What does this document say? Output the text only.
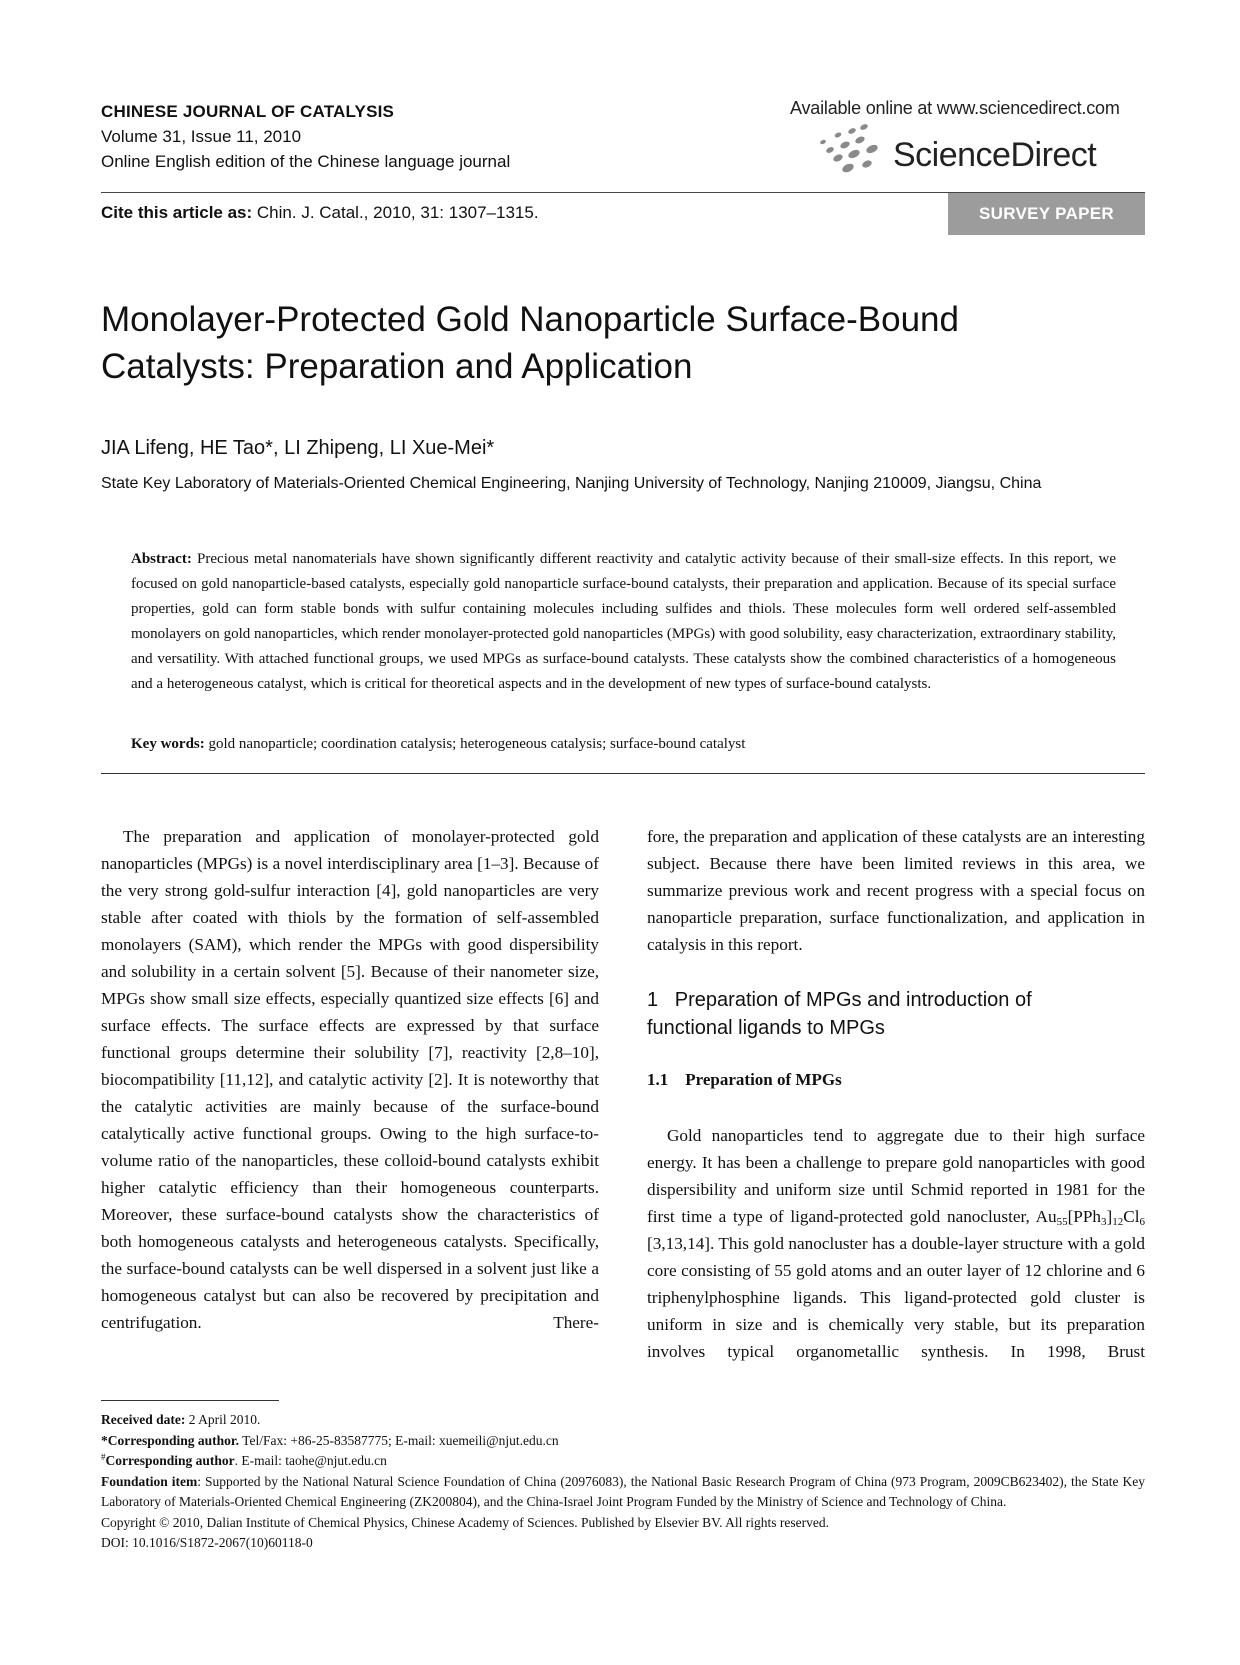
CHINESE JOURNAL OF CATALYSIS
Volume 31, Issue 11, 2010
Online English edition of the Chinese language journal
Available online at www.sciencedirect.com
ScienceDirect
Cite this article as: Chin. J. Catal., 2010, 31: 1307–1315.	SURVEY PAPER
Monolayer-Protected Gold Nanoparticle Surface-Bound
Catalysts: Preparation and Application
JIA Lifeng, HE Tao*, LI Zhipeng, LI Xue-Mei*
State Key Laboratory of Materials-Oriented Chemical Engineering, Nanjing University of Technology, Nanjing 210009, Jiangsu, China
Abstract: Precious metal nanomaterials have shown significantly different reactivity and catalytic activity because of their small-size effects. In this report, we focused on gold nanoparticle-based catalysts, especially gold nanoparticle surface-bound catalysts, their preparation and application. Because of its special surface properties, gold can form stable bonds with sulfur containing molecules including sulfides and thiols. These molecules form well ordered self-assembled monolayers on gold nanoparticles, which render monolayer-protected gold nanoparticles (MPGs) with good solubility, easy characterization, extraordinary stability, and versatility. With attached functional groups, we used MPGs as surface-bound catalysts. These catalysts show the combined characteristics of a homogeneous and a heterogeneous catalyst, which is critical for theoretical aspects and in the development of new types of surface-bound catalysts.
Key words: gold nanoparticle; coordination catalysis; heterogeneous catalysis; surface-bound catalyst

The preparation and application of monolayer-protected gold nanoparticles (MPGs) is a novel interdisciplinary area [1–3]. Because of the very strong gold-sulfur interaction [4], gold nanoparticles are very stable after coated with thiols by the formation of self-assembled monolayers (SAM), which render the MPGs with good dispersibility and solubility in a certain solvent [5]. Because of their nanometer size, MPGs show small size effects, especially quantized size effects [6] and surface effects. The surface effects are expressed by that surface functional groups determine their solubility [7], reactivity [2,8–10], biocompatibility [11,12], and catalytic activity [2]. It is noteworthy that the catalytic activities are mainly because of the surface-bound catalytically active functional groups. Owing to the high surface-to-volume ratio of the nanoparticles, these colloid-bound catalysts exhibit higher catalytic efficiency than their homogeneous counterparts. Moreover, these surface-bound catalysts show the characteristics of both homogeneous catalysts and heterogeneous catalysts. Specifically, the surface-bound catalysts can be well dispersed in a solvent just like a homogeneous catalyst but can also be recovered by precipitation and centrifugation. There-

fore, the preparation and application of these catalysts are an interesting subject. Because there have been limited reviews in this area, we summarize previous work and recent progress with a special focus on nanoparticle preparation, surface functionalization, and application in catalysis in this report.

1   Preparation of MPGs and introduction of
functional ligands to MPGs
1.1    Preparation of MPGs

Gold nanoparticles tend to aggregate due to their high surface energy. It has been a challenge to prepare gold nanoparticles with good dispersibility and uniform size until Schmid reported in 1981 for the first time a type of ligand-protected gold nanocluster, $Au_{55}[PPh_3]_{12}Cl_6$ [3,13,14]. This gold nanocluster has a double-layer structure with a gold core consisting of 55 gold atoms and an outer layer of 12 chlorine and 6 triphenylphosphine ligands. This ligand-protected gold cluster is uniform in size and is chemically very stable, but its preparation involves typical organometallic synthesis. In 1998, Brust

Received date: 2 April 2010.
*Corresponding author. Tel/Fax: +86-25-83587775; E-mail: xuemeili@njut.edu.cn
#Corresponding author. E-mail: taohe@njut.edu.cn
Foundation item: Supported by the National Natural Science Foundation of China (20976083), the National Basic Research Program of China (973 Program, 2009CB623402), the State Key Laboratory of Materials-Oriented Chemical Engineering (ZK200804), and the China-Israel Joint Program Funded by the Ministry of Science and Technology of China.
Copyright © 2010, Dalian Institute of Chemical Physics, Chinese Academy of Sciences. Published by Elsevier BV. All rights reserved.
DOI: 10.1016/S1872-2067(10)60118-0
